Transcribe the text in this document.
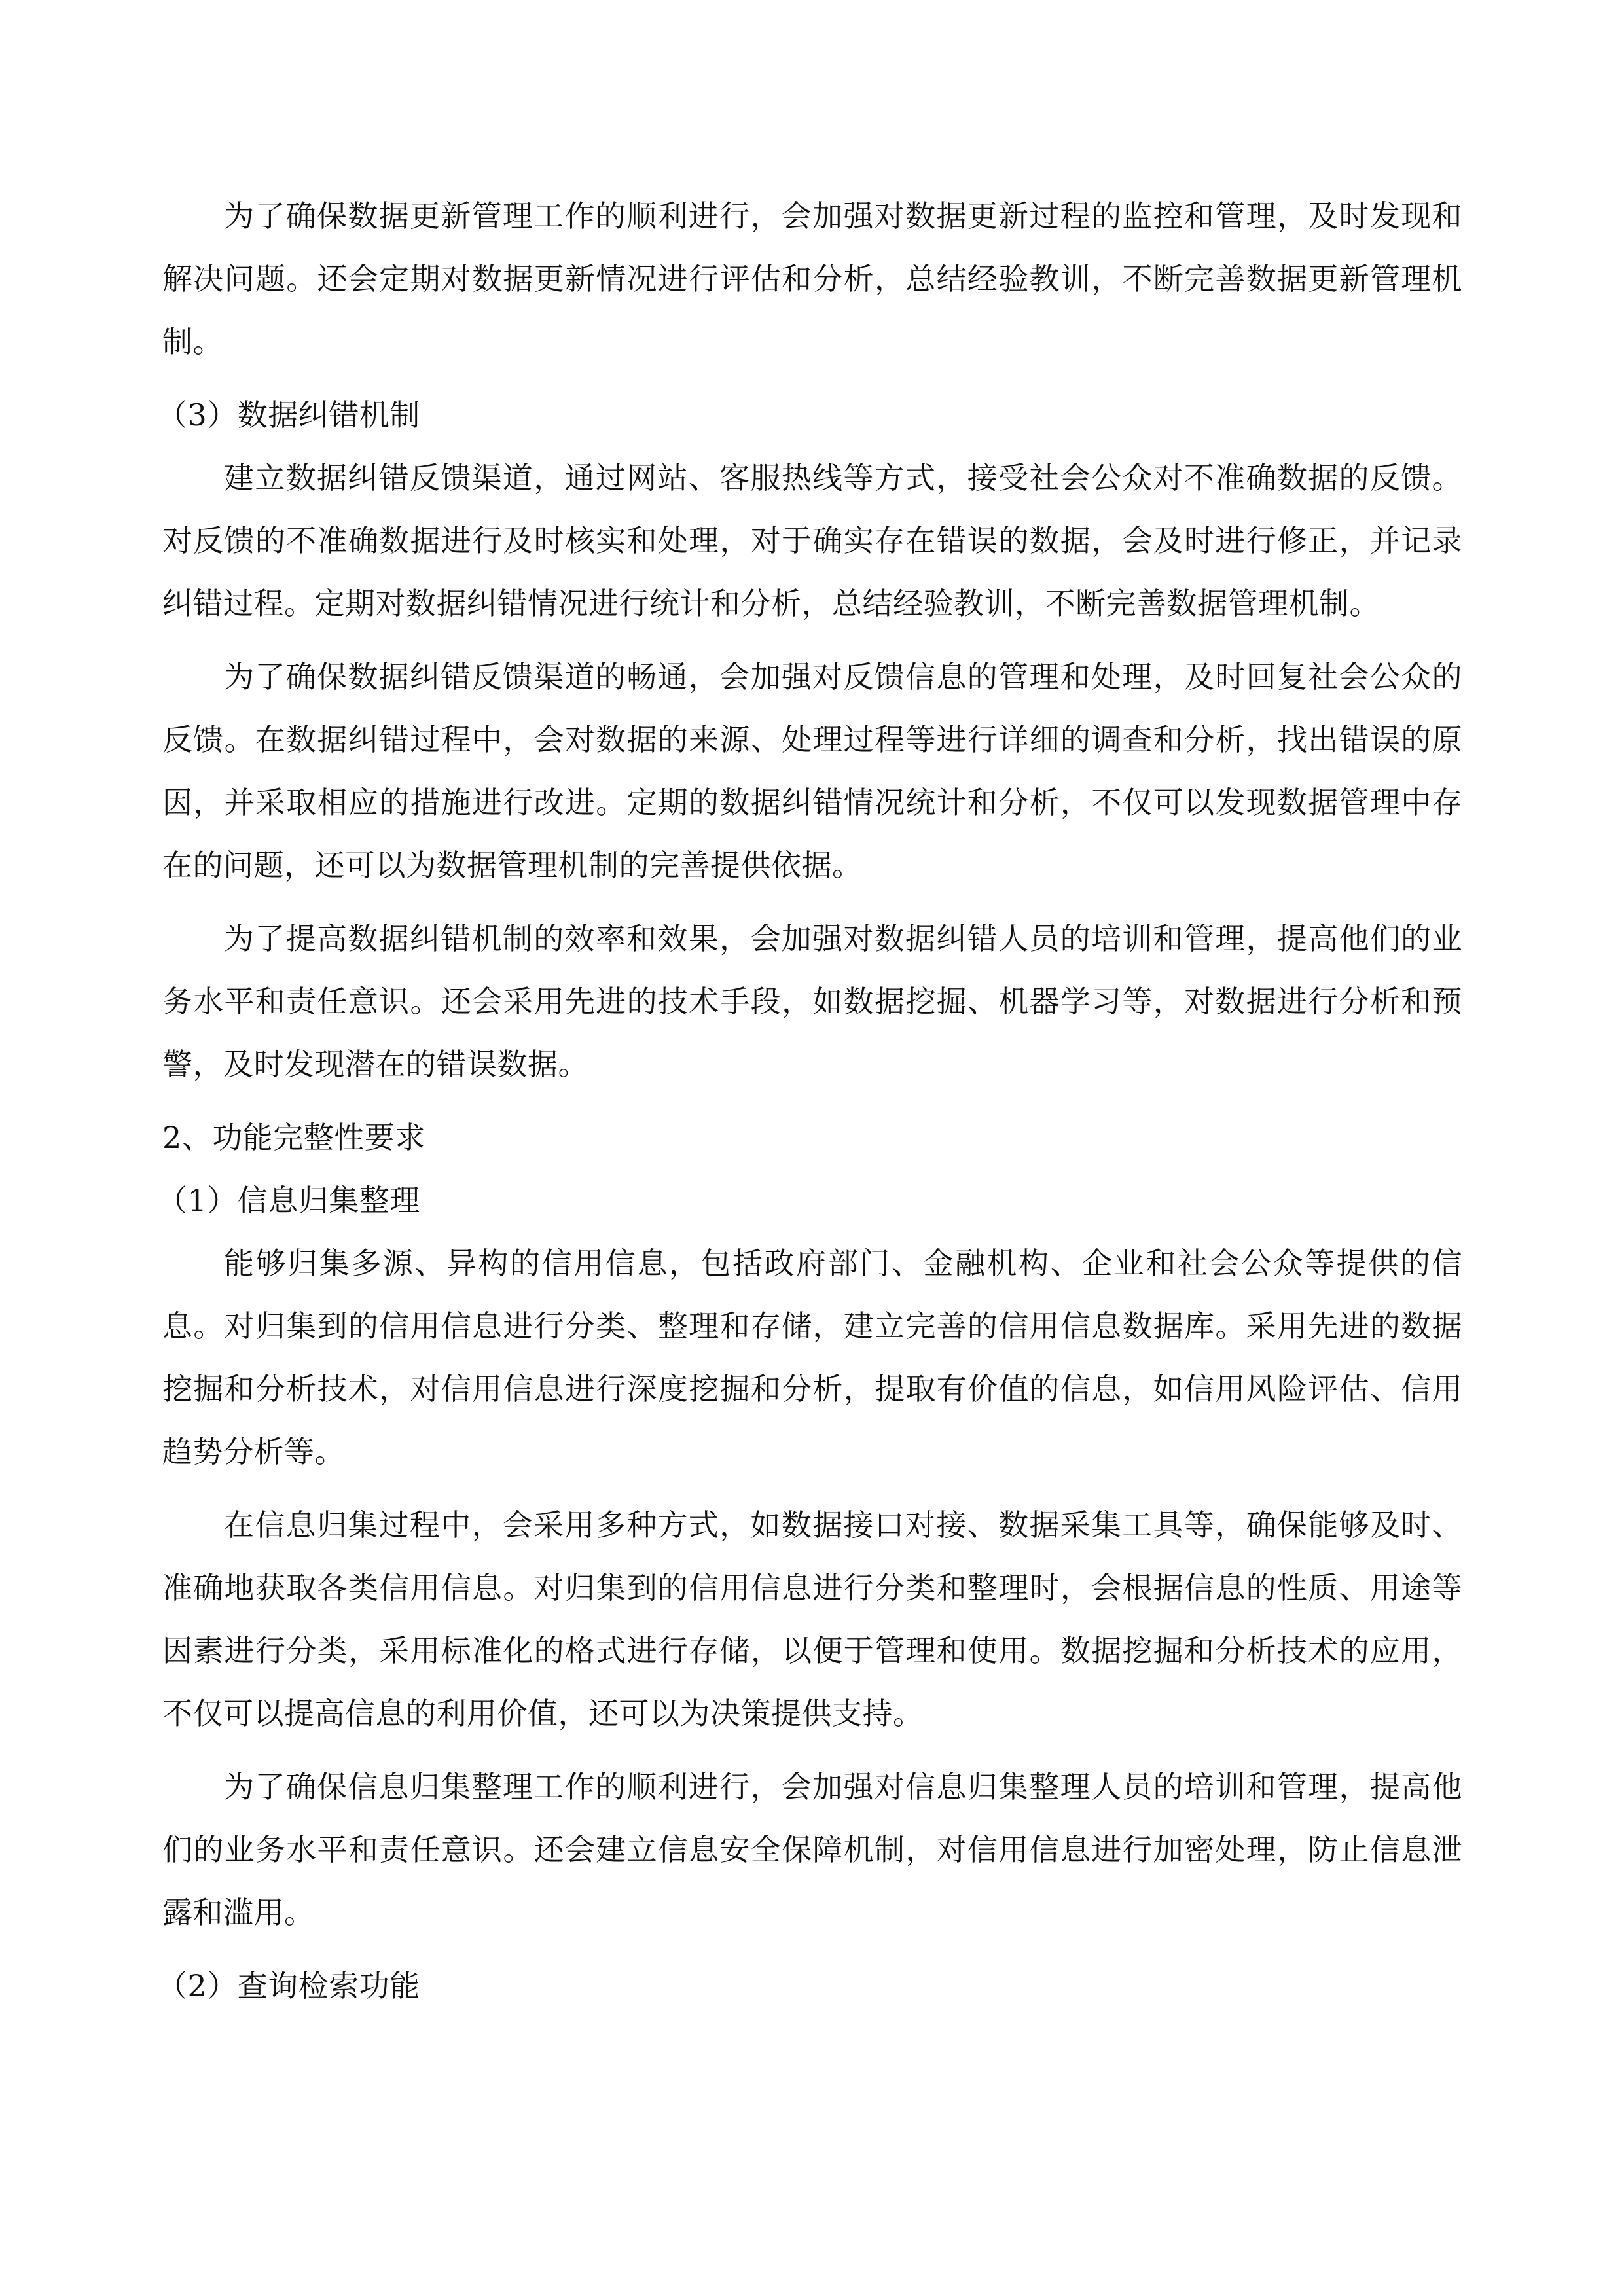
为了确保数据更新管理工作的顺利进行，会加强对数据更新过程的监控和管理，及时发现和解决问题。还会定期对数据更新情况进行评估和分析，总结经验教训，不断完善数据更新管理机制。

（3）数据纠错机制

建立数据纠错反馈渠道，通过网站、客服热线等方式，接受社会公众对不准确数据的反馈。对反馈的不准确数据进行及时核实和处理，对于确实存在错误的数据，会及时进行修正，并记录纠错过程。定期对数据纠错情况进行统计和分析，总结经验教训，不断完善数据管理机制。

为了确保数据纠错反馈渠道的畅通，会加强对反馈信息的管理和处理，及时回复社会公众的反馈。在数据纠错过程中，会对数据的来源、处理过程等进行详细的调查和分析，找出错误的原因，并采取相应的措施进行改进。定期的数据纠错情况统计和分析，不仅可以发现数据管理中存在的问题，还可以为数据管理机制的完善提供依据。

为了提高数据纠错机制的效率和效果，会加强对数据纠错人员的培训和管理，提高他们的业务水平和责任意识。还会采用先进的技术手段，如数据挖掘、机器学习等，对数据进行分析和预警，及时发现潜在的错误数据。

2、功能完整性要求
（1）信息归集整理

能够归集多源、异构的信用信息，包括政府部门、金融机构、企业和社会公众等提供的信息。对归集到的信用信息进行分类、整理和存储，建立完善的信用信息数据库。采用先进的数据挖掘和分析技术，对信用信息进行深度挖掘和分析，提取有价值的信息，如信用风险评估、信用趋势分析等。

在信息归集过程中，会采用多种方式，如数据接口对接、数据采集工具等，确保能够及时、准确地获取各类信用信息。对归集到的信用信息进行分类和整理时，会根据信息的性质、用途等因素进行分类，采用标准化的格式进行存储，以便于管理和使用。数据挖掘和分析技术的应用，不仅可以提高信息的利用价值，还可以为决策提供支持。

为了确保信息归集整理工作的顺利进行，会加强对信息归集整理人员的培训和管理，提高他们的业务水平和责任意识。还会建立信息安全保障机制，对信用信息进行加密处理，防止信息泄露和滥用。

（2）查询检索功能
